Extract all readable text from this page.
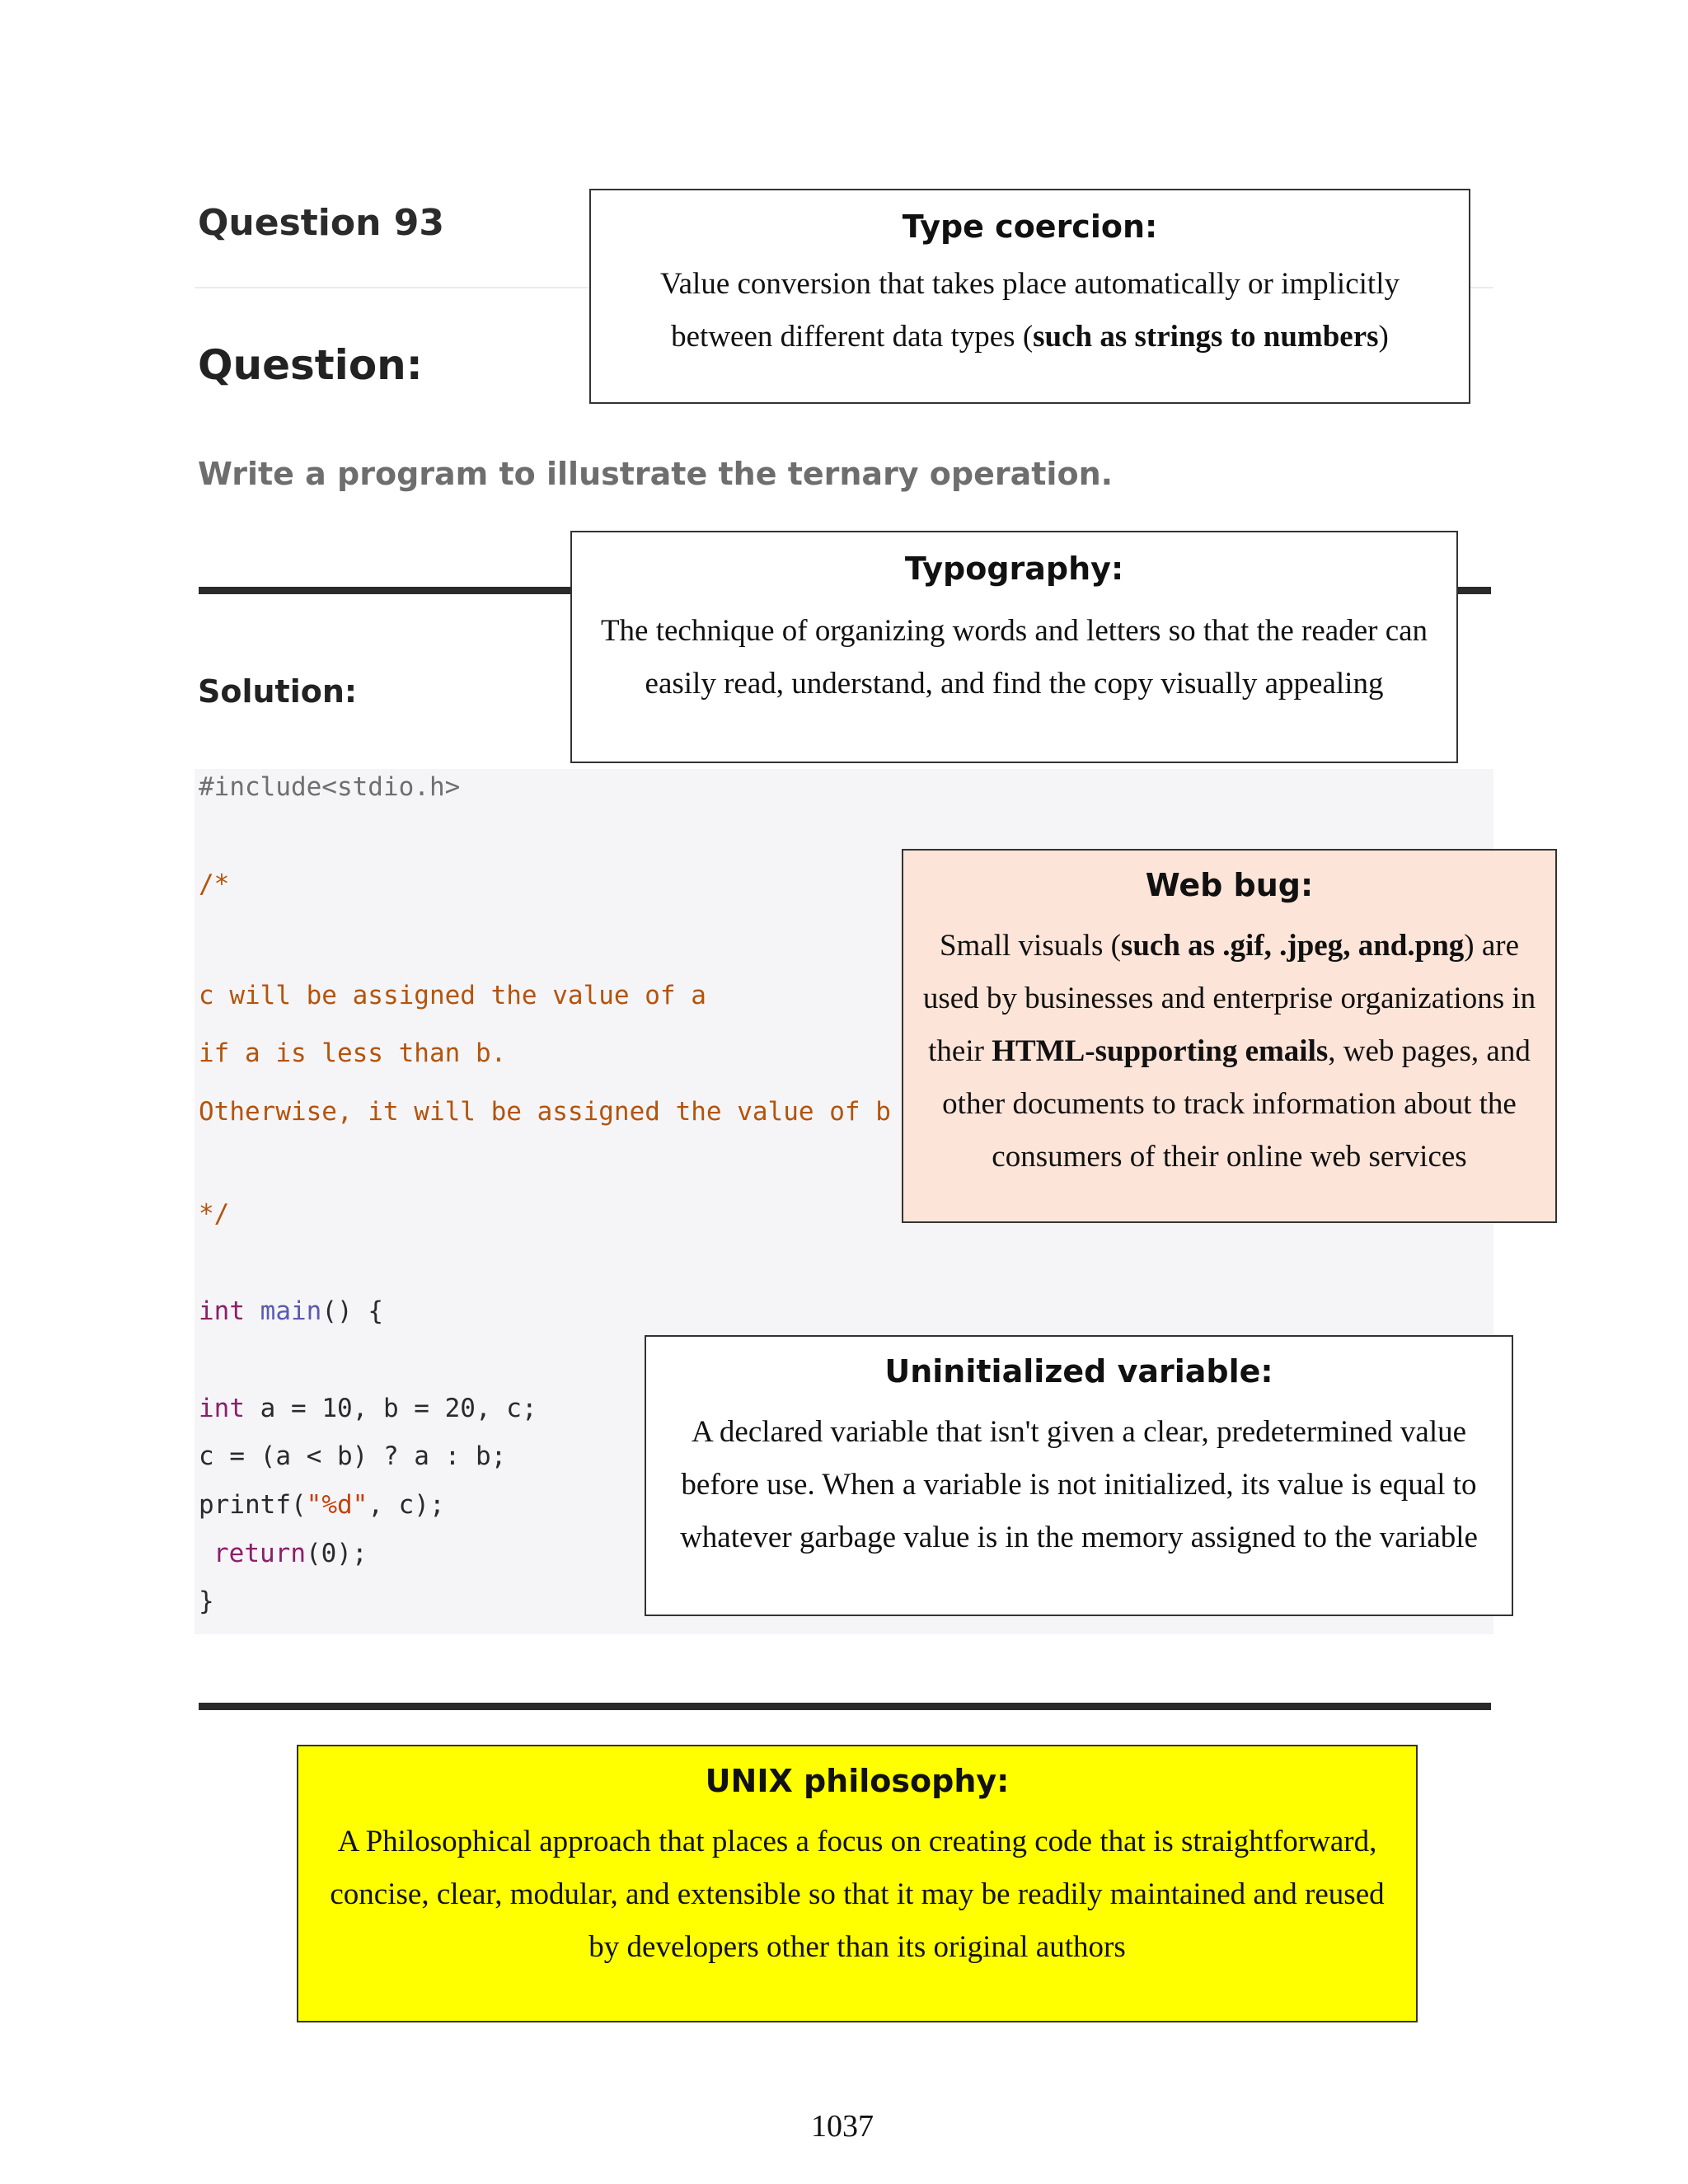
Question 93
Question:
Write a program to illustrate the ternary operation.
Solution:
#include<stdio.h>
/*
c will be assigned the value of a
if a is less than b.
Otherwise, it will be assigned the value of b
*/
int main() {
int a = 10, b = 20, c;
c = (a < b) ? a : b;
printf("%d", c);
return(0);
}
Type coercion:
Value conversion that takes place automatically or implicitly
between different data types (such as strings to numbers)
Typography:
The technique of organizing words and letters so that the reader can
easily read, understand, and find the copy visually appealing
Web bug:
Small visuals (such as .gif, .jpeg, and.png) are
used by businesses and enterprise organizations in
their HTML-supporting emails, web pages, and
other documents to track information about the
consumers of their online web services
Uninitialized variable:
A declared variable that isn't given a clear, predetermined value
before use. When a variable is not initialized, its value is equal to
whatever garbage value is in the memory assigned to the variable
UNIX philosophy:
A Philosophical approach that places a focus on creating code that is straightforward,
concise, clear, modular, and extensible so that it may be readily maintained and reused
by developers other than its original authors
1037
